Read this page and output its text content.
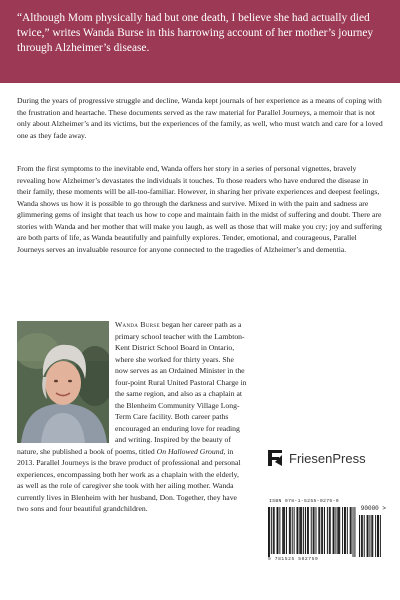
“Although Mom physically had but one death, I believe she had actually died twice,” writes Wanda Burse in this harrowing account of her mother’s journey through Alzheimer’s disease.

During the years of progressive struggle and decline, Wanda kept journals of her experience as a means of coping with the frustration and heartache. These documents served as the raw material for Parallel Journeys, a memoir that is not only about Alzheimer’s and its victims, but the experiences of the family, as well, who must watch and care for a loved one as they fade away.

From the first symptoms to the inevitable end, Wanda offers her story in a series of personal vignettes, bravely revealing how Alzheimer’s devastates the individuals it touches. To those readers who have endured the disease in their family, these moments will be all-too-familiar. However, in sharing her private experiences and deepest feelings, Wanda shows us how it is possible to go through the darkness and survive. Mixed in with the pain and sadness are glimmering gems of insight that teach us how to cope and maintain faith in the midst of suffering and doubt. There are stories with Wanda and her mother that will make you laugh, as well as those that will make you cry; joy and suffering are both parts of life, as Wanda beautifully and painfully explores. Tender, emotional, and courageous, Parallel Journeys serves an invaluable resource for anyone connected to the tragedies of Alzheimer’s and dementia.

Wanda Burse began her career path as a primary school teacher with the Lambton-Kent District School Board in Ontario, where she worked for thirty years. She now serves as an Ordained Minister in the four-point Rural United Pastoral Charge in the same region, and also as a chaplain at the Blenheim Community Village Long-Term Care facility. Both career paths encouraged an enduring love for reading and writing. Inspired by the beauty of nature, she published a book of poems, titled On Hallowed Ground, in 2013. Parallel Journeys is the brave product of professional and personal experiences, encompassing both her work as a chaplain with the elderly, as well as the role of caregiver she took with her ailing mother. Wanda currently lives in Blenheim with her husband, Don. Together, they have two sons and four beautiful grandchildren.

FriesenPress
ISBN 978-1-5255-0275-0
90000 >
9 781525 502750
